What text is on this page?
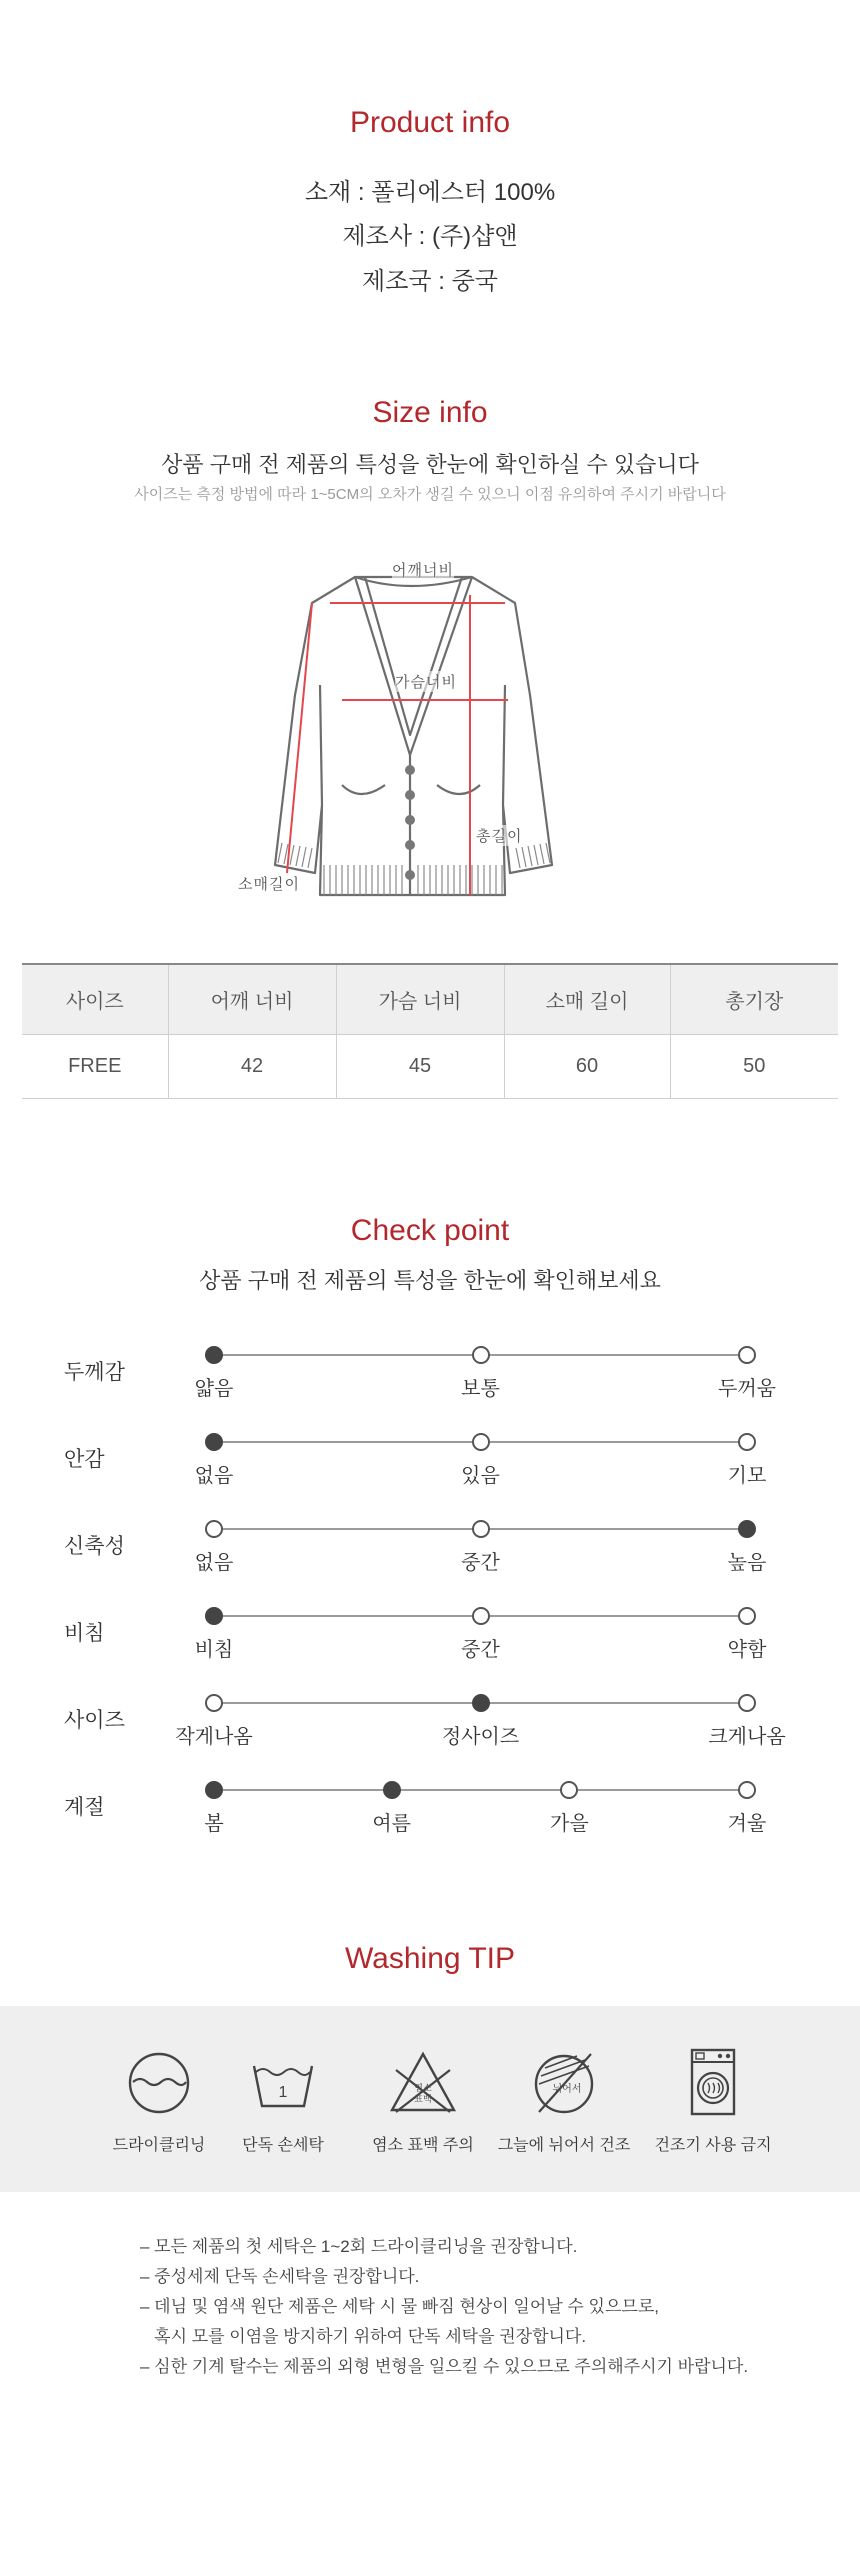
Product info
소재 : 폴리에스터 100%
제조사 : (주)샵앤
제조국 : 중국
Size info
상품 구매 전 제품의 특성을 한눈에 확인하실 수 있습니다
사이즈는 측정 방법에 따라 1~5CM의 오차가 생길 수 있으니 이점 유의하여 주시기 바랍니다
어깨너비
가슴너비
총길이
소매길이
사이즈	어깨 너비	가슴 너비	소매 길이	총기장
FREE	42	45	60	50
Check point
상품 구매 전 제품의 특성을 한눈에 확인해보세요
두께감
얇음	보통	두꺼움
안감
없음	있음	기모
신축성
없음	중간	높음
비침
비침	중간	약함
사이즈
작게나옴	정사이즈	크게나옴
계절
봄	여름	가을	겨울
Washing TIP
드라이클리닝
1
단독 손세탁
염소
표백
염소 표백 주의
뉘어서
그늘에 뉘어서 건조	건조기 사용 금지

– 모든 제품의 첫 세탁은 1~2회 드라이클리닝을 권장합니다.

– 중성세제 단독 손세탁을 권장합니다.

– 데님 및 염색 원단 제품은 세탁 시 물 빠짐 현상이 일어날 수 있으므로,

혹시 모를 이염을 방지하기 위하여 단독 세탁을 권장합니다.

– 심한 기계 탈수는 제품의 외형 변형을 일으킬 수 있으므로 주의해주시기 바랍니다.
